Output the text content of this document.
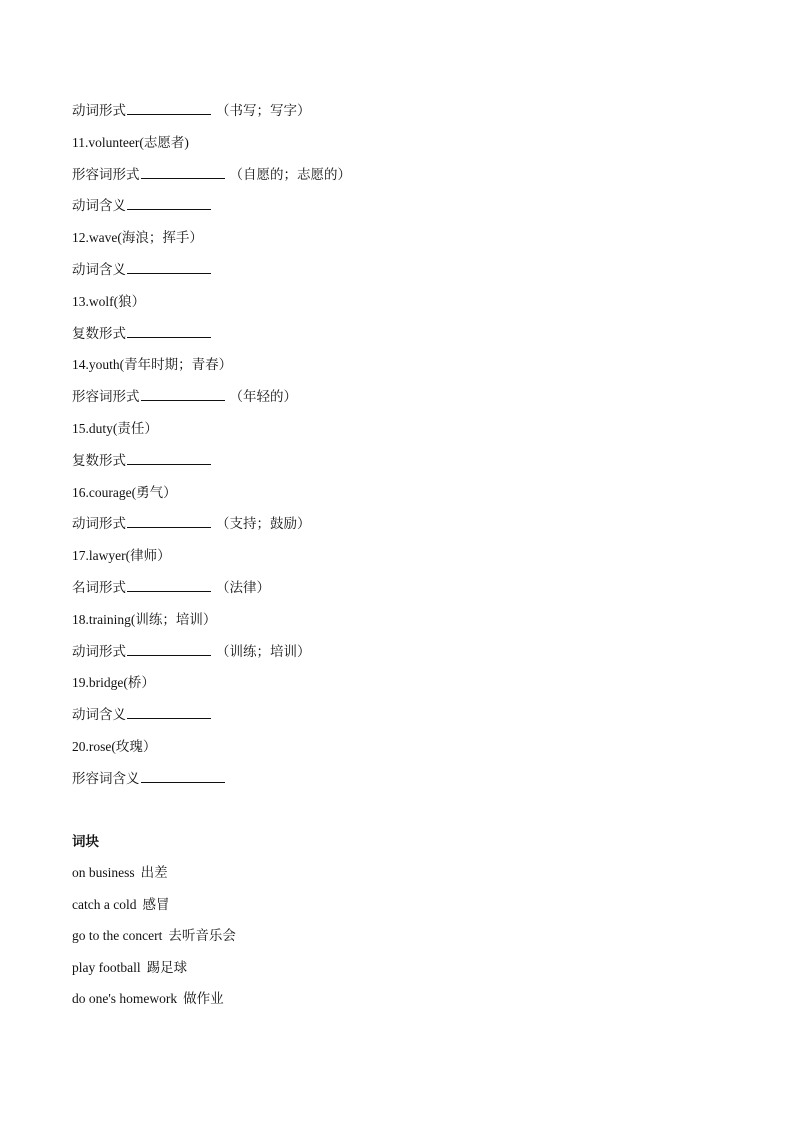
动词形式	（书写；写字）
11.volunteer(志愿者)
形容词形式	（自愿的；志愿的）
动词含义
12.wave(海浪；挥手）
动词含义
13.wolf(狼）
复数形式
14.youth(青年时期；青春）
形容词形式	（年轻的）
15.duty(责任）
复数形式
16.courage(勇气）
动词形式	（支持；鼓励）
17.lawyer(律师）
名词形式	（法律）
18.training(训练；培训）
动词形式	（训练；培训）
19.bridge(桥）
动词含义
20.rose(玫瑰）
形容词含义
词块
on business 出差
catch a cold 感冒
go to the concert 去听音乐会
play football 踢足球
do one's homework 做作业
